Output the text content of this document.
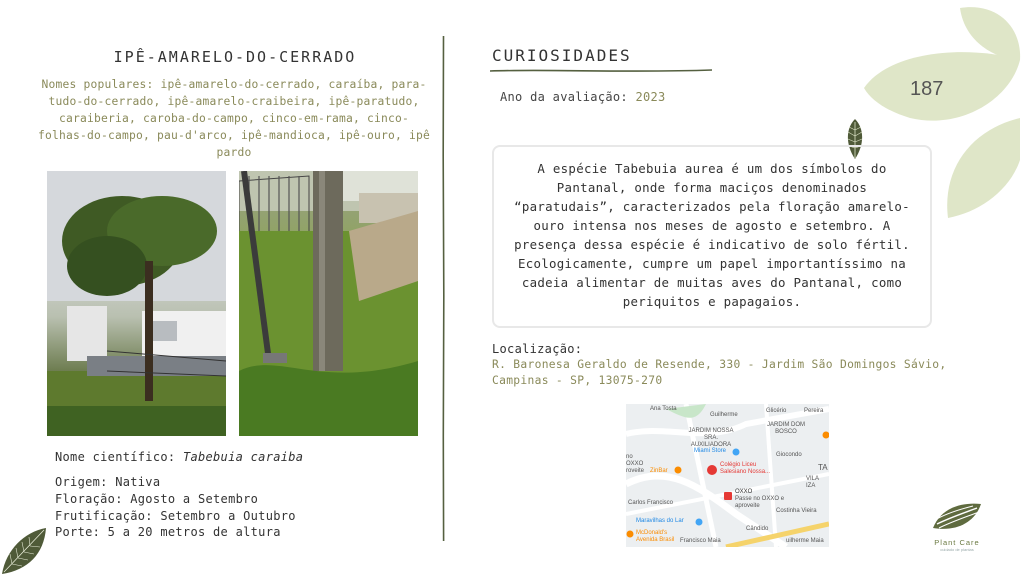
IPÊ-AMARELO-DO-CERRADO
Nomes populares: ipê-amarelo-do-cerrado, caraíba, para-tudo-do-cerrado, ipê-amarelo-craibeira, ipê-paratudo, caraiberia, caroba-do-campo, cinco-em-rama, cinco-folhas-do-campo, pau-d'arco, ipê-mandioca, ipê-ouro, ipê pardo
Nome científico: Tabebuia caraiba
Origem: Nativa
Floração: Agosto a Setembro
Frutificação: Setembro a Outubro
Porte: 5 a 20 metros de altura
CURIOSIDADES
Ano da avaliação: 2023
A espécie Tabebuia aurea é um dos símbolos do Pantanal, onde forma maciços denominados “paratudais”, caracterizados pela floração amarelo-ouro intensa nos meses de agosto e setembro. A presença dessa espécie é indicativo de solo fértil. Ecologicamente, cumpre um papel importantíssimo na cadeia alimentar de muitas aves do Pantanal, como periquitos e papagaios.
Localização:
R. Baronesa Geraldo de Resende, 330 - Jardim São Domingos Sávio, Campinas - SP, 13075-270
JARDIM DOM BOSCO
JARDIM NOSSA SRA. AUXILIADORA
Miami Store
ZinBar
Colégio Liceu Salesiano Nossa...
OXXO
Passe no OXXO e aproveite
Maravilhas do Lar
McDonald's Avenida Brasil
VILA IZA
no OXXO roveite	TA
Glicério	Pereira
Guilherme
Carlos Francisco
Costinha Vieira
Giocondo
Ana Tosta
Francisco Maia
Cândido
uilherme Maia
187
Plant Care
cuidado de plantas
